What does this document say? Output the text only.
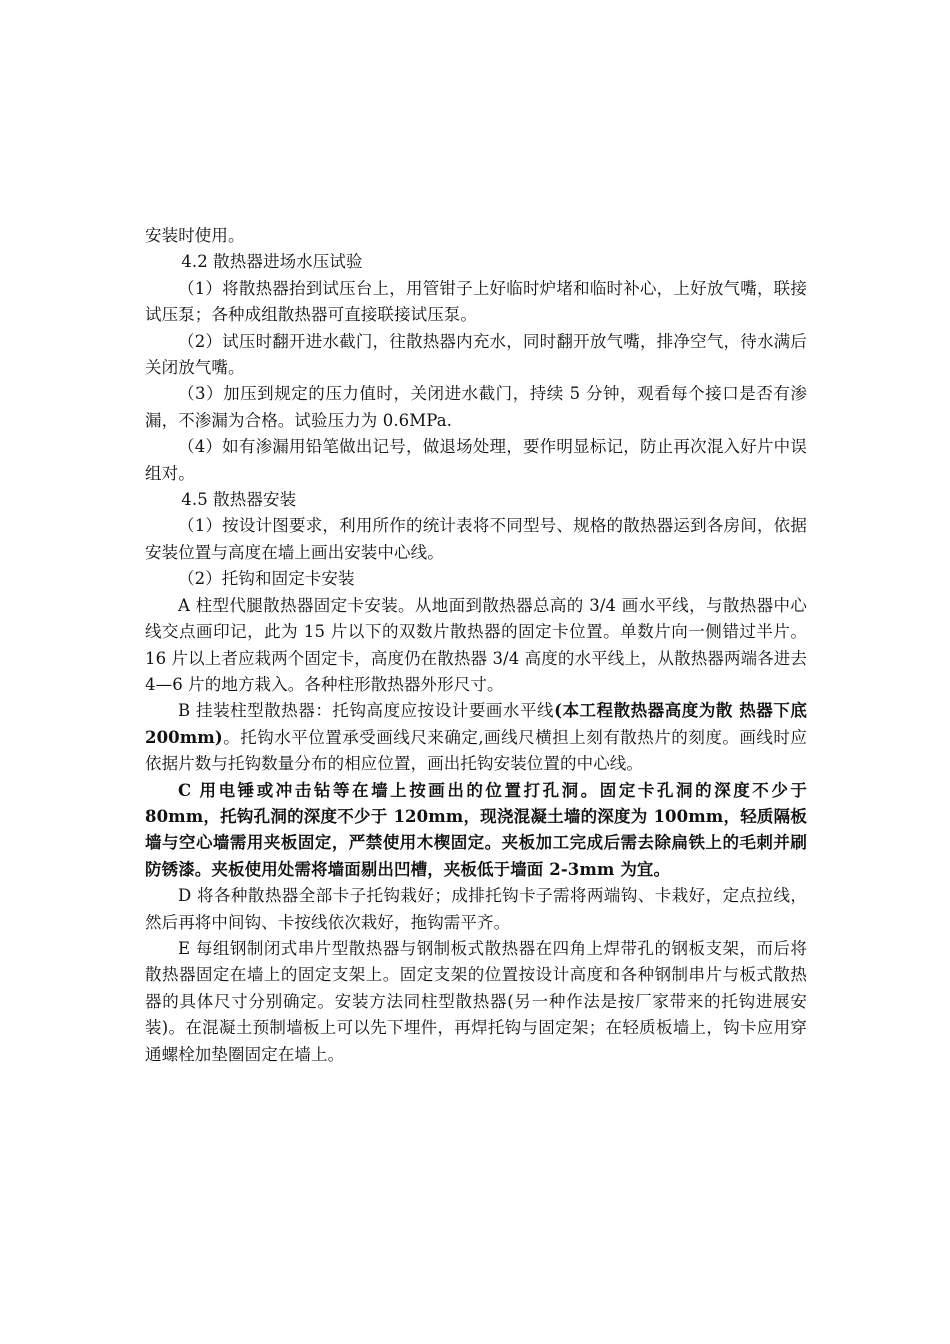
安装时使用。

4.2 散热器进场水压试验

（1）将散热器抬到试压台上，用管钳子上好临时炉堵和临时补心，上好放气嘴，联接试压泵；各种成组散热器可直接联接试压泵。

（2）试压时翻开进水截门，往散热器内充水，同时翻开放气嘴，排净空气，待水满后关闭放气嘴。

（3）加压到规定的压力值时，关闭进水截门，持续 5 分钟，观看每个接口是否有渗漏，不渗漏为合格。试验压力为 0.6MPa.

（4）如有渗漏用铅笔做出记号，做退场处理，要作明显标记，防止再次混入好片中误组对。

4.5 散热器安装

（1）按设计图要求，利用所作的统计表将不同型号、规格的散热器运到各房间，依据安装位置与高度在墙上画出安装中心线。

（2）托钩和固定卡安装

A 柱型代腿散热器固定卡安装。从地面到散热器总高的 3/4 画水平线，与散热器中心线交点画印记，此为 15 片以下的双数片散热器的固定卡位置。单数片向一侧错过半片。16 片以上者应栽两个固定卡，高度仍在散热器 3/4 高度的水平线上，从散热器两端各进去 4—6 片的地方栽入。各种柱形散热器外形尺寸。

B 挂装柱型散热器：托钩高度应按设计要画水平线(本工程散热器高度为散 热器下底 200mm)。托钩水平位置承受画线尺来确定,画线尺横担上刻有散热片的刻度。画线时应依据片数与托钩数量分布的相应位置，画出托钩安装位置的中心线。

C 用电锤或冲击钻等在墙上按画出的位置打孔洞。固定卡孔洞的深度不少于 80mm，托钩孔洞的深度不少于 120mm，现浇混凝土墙的深度为 100mm，轻质隔板墙与空心墙需用夹板固定，严禁使用木楔固定。夹板加工完成后需去除扁铁上的毛刺并刷防锈漆。夹板使用处需将墙面剔出凹槽，夹板低于墙面 2-3mm 为宜。

D 将各种散热器全部卡子托钩栽好；成排托钩卡子需将两端钩、卡栽好，定点拉线，然后再将中间钩、卡按线依次栽好，拖钩需平齐。

E 每组钢制闭式串片型散热器与钢制板式散热器在四角上焊带孔的钢板支架，而后将散热器固定在墙上的固定支架上。固定支架的位置按设计高度和各种钢制串片与板式散热器的具体尺寸分别确定。安装方法同柱型散热器(另一种作法是按厂家带来的托钩进展安装)。在混凝土预制墙板上可以先下埋件，再焊托钩与固定架；在轻质板墙上，钩卡应用穿通螺栓加垫圈固定在墙上。
